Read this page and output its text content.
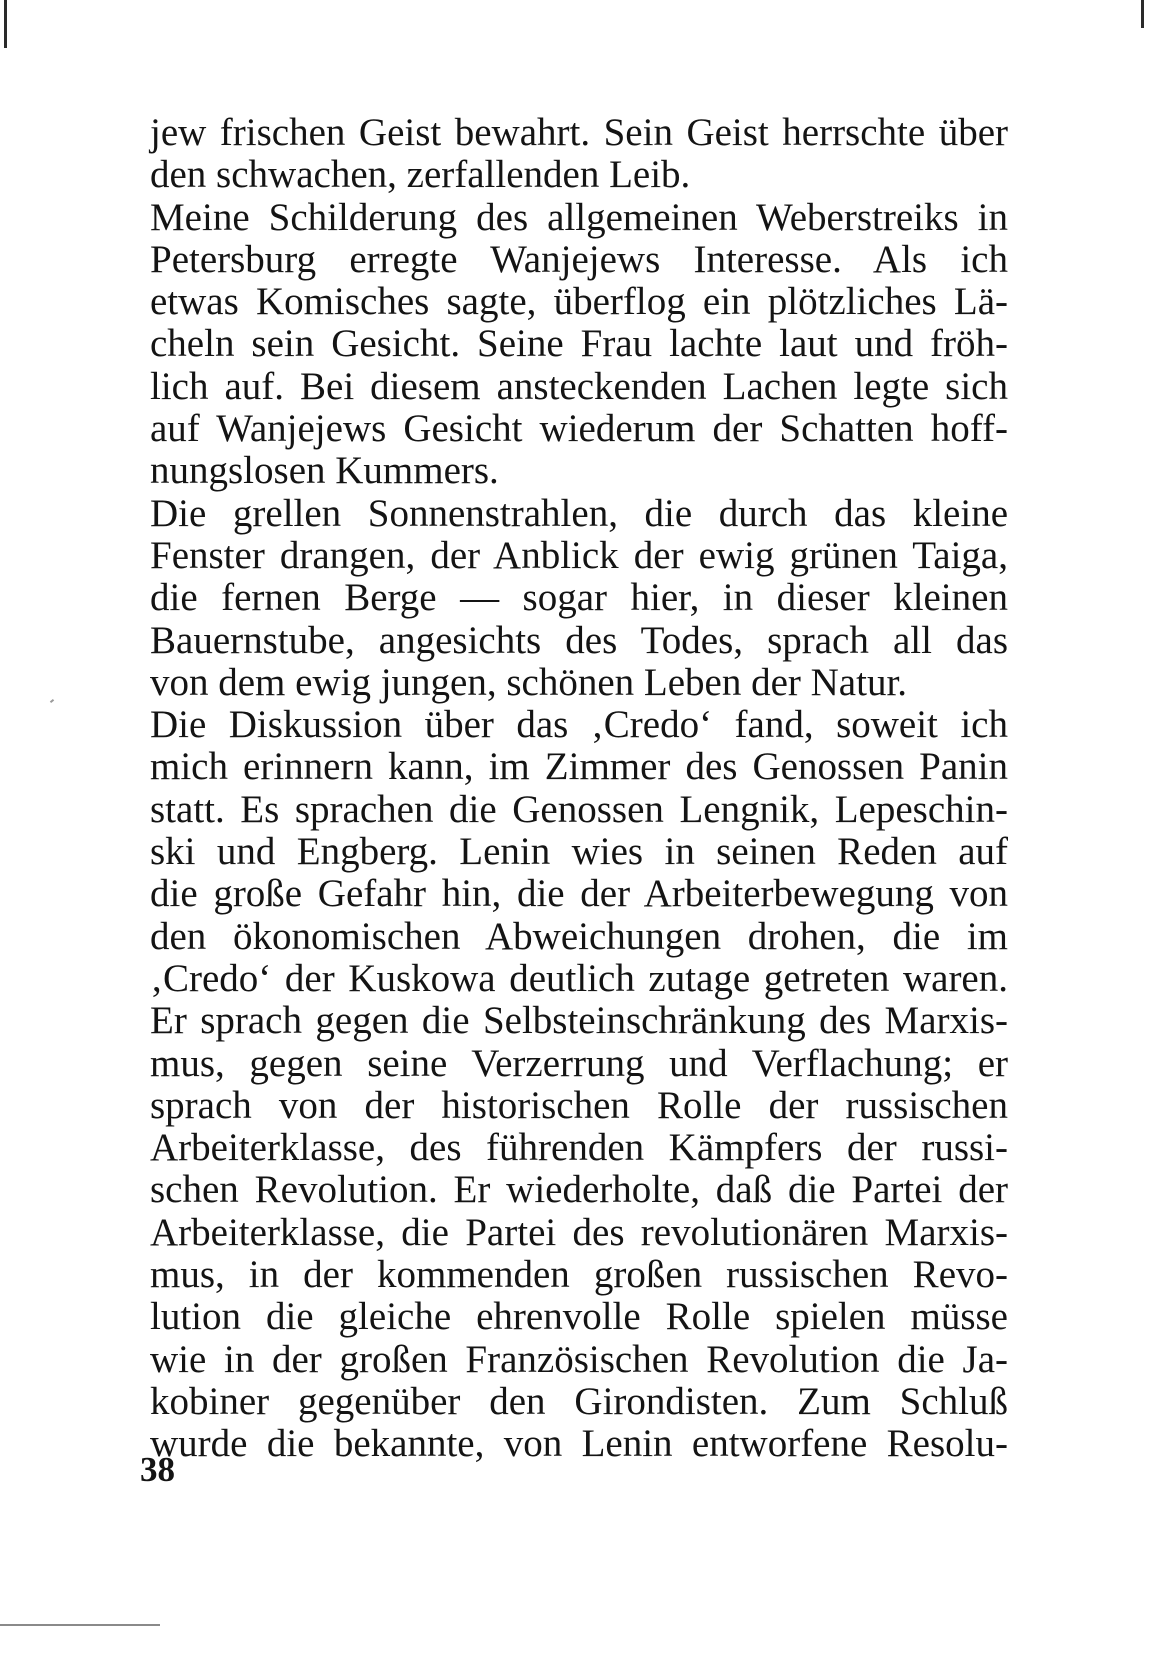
jew frischen Geist bewahrt. Sein Geist herrschte über
den schwachen, zerfallenden Leib.
Meine Schilderung des allgemeinen Weberstreiks in
Petersburg erregte Wanjejews Interesse. Als ich
etwas Komisches sagte, überflog ein plötzliches Lä-
cheln sein Gesicht. Seine Frau lachte laut und fröh-
lich auf. Bei diesem ansteckenden Lachen legte sich
auf Wanjejews Gesicht wiederum der Schatten hoff-
nungslosen Kummers.
Die grellen Sonnenstrahlen, die durch das kleine
Fenster drangen, der Anblick der ewig grünen Taiga,
die fernen Berge — sogar hier, in dieser kleinen
Bauernstube, angesichts des Todes, sprach all das
von dem ewig jungen, schönen Leben der Natur.
Die Diskussion über das ‚Credo‘ fand, soweit ich
mich erinnern kann, im Zimmer des Genossen Panin
statt. Es sprachen die Genossen Lengnik, Lepeschin-
ski und Engberg. Lenin wies in seinen Reden auf
die große Gefahr hin, die der Arbeiterbewegung von
den ökonomischen Abweichungen drohen, die im
‚Credo‘ der Kuskowa deutlich zutage getreten waren.
Er sprach gegen die Selbsteinschränkung des Marxis-
mus, gegen seine Verzerrung und Verflachung; er
sprach von der historischen Rolle der russischen
Arbeiterklasse, des führenden Kämpfers der russi-
schen Revolution. Er wiederholte, daß die Partei der
Arbeiterklasse, die Partei des revolutionären Marxis-
mus, in der kommenden großen russischen Revo-
lution die gleiche ehrenvolle Rolle spielen müsse
wie in der großen Französischen Revolution die Ja-
kobiner gegenüber den Girondisten. Zum Schluß
wurde die bekannte, von Lenin entworfene Resolu-
38
